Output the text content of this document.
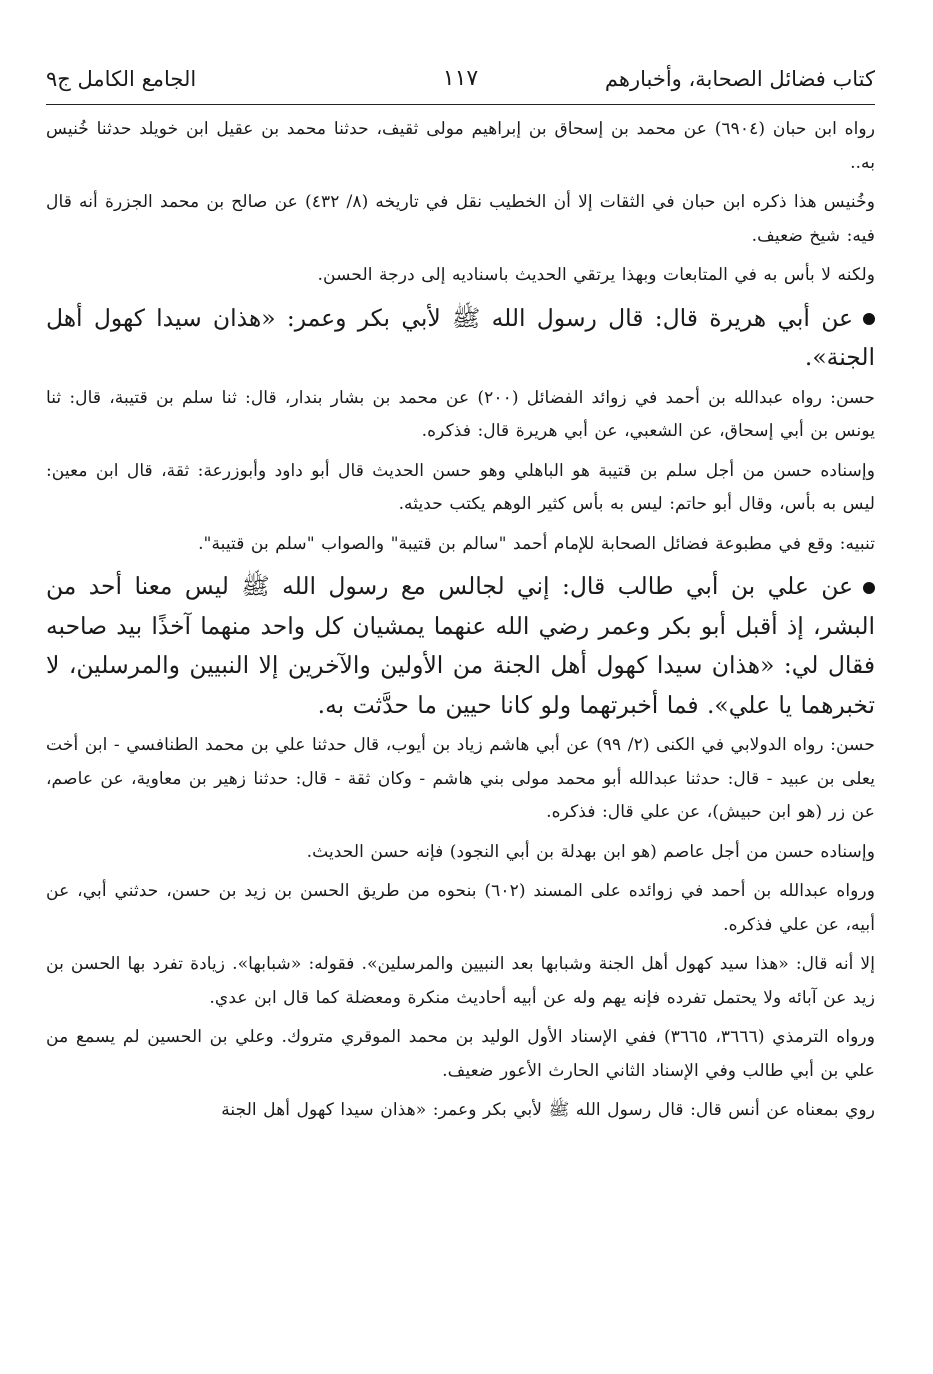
كتاب فضائل الصحابة، وأخبارهم
١١٧
الجامع الكامل ج٩

رواه ابن حبان (٦٩٠٤) عن محمد بن إسحاق بن إبراهيم مولى ثقيف، حدثنا محمد بن عقيل ابن خويلد حدثنا خُنيس به..

وخُنيس هذا ذكره ابن حبان في الثقات إلا أن الخطيب نقل في تاريخه (٨/ ٤٣٢) عن صالح بن محمد الجزرة أنه قال فيه: شيخ ضعيف.

ولكنه لا بأس به في المتابعات وبهذا يرتقي الحديث باسناديه إلى درجة الحسن.

عن أبي هريرة قال: قال رسول الله ﷺ لأبي بكر وعمر: «هذان سيدا كهول أهل الجنة».

حسن: رواه عبدالله بن أحمد في زوائد الفضائل (٢٠٠) عن محمد بن بشار بندار، قال: ثنا سلم بن قتيبة، قال: ثنا يونس بن أبي إسحاق، عن الشعبي، عن أبي هريرة قال: فذكره.

وإسناده حسن من أجل سلم بن قتيبة هو الباهلي وهو حسن الحديث قال أبو داود وأبوزرعة: ثقة، قال ابن معين: ليس به بأس، وقال أبو حاتم: ليس به بأس كثير الوهم يكتب حديثه.

تنبيه: وقع في مطبوعة فضائل الصحابة للإمام أحمد "سالم بن قتيبة" والصواب "سلم بن قتيبة".

عن علي بن أبي طالب قال: إني لجالس مع رسول الله ﷺ ليس معنا أحد من البشر، إذ أقبل أبو بكر وعمر رضي الله عنهما يمشيان كل واحد منهما آخذًا بيد صاحبه فقال لي: «هذان سيدا كهول أهل الجنة من الأولين والآخرين إلا النبيين والمرسلين، لا تخبرهما يا علي». فما أخبرتهما ولو كانا حيين ما حدَّثت به.

حسن: رواه الدولابي في الكنى (٢/ ٩٩) عن أبي هاشم زياد بن أيوب، قال حدثنا علي بن محمد الطنافسي - ابن أخت يعلى بن عبيد - قال: حدثنا عبدالله أبو محمد مولى بني هاشم - وكان ثقة - قال: حدثنا زهير بن معاوية، عن عاصم، عن زر (هو ابن حبيش)، عن علي قال: فذكره.

وإسناده حسن من أجل عاصم (هو ابن بهدلة بن أبي النجود) فإنه حسن الحديث.

ورواه عبدالله بن أحمد في زوائده على المسند (٦٠٢) بنحوه من طريق الحسن بن زيد بن حسن، حدثني أبي، عن أبيه، عن علي فذكره.

إلا أنه قال: «هذا سيد كهول أهل الجنة وشبابها بعد النبيين والمرسلين». فقوله: «شبابها». زيادة تفرد بها الحسن بن زيد عن آبائه ولا يحتمل تفرده فإنه يهم وله عن أبيه أحاديث منكرة ومعضلة كما قال ابن عدي.

ورواه الترمذي (٣٦٦٦، ٣٦٦٥) ففي الإسناد الأول الوليد بن محمد الموقري متروك. وعلي بن الحسين لم يسمع من علي بن أبي طالب وفي الإسناد الثاني الحارث الأعور ضعيف.

روي بمعناه عن أنس قال: قال رسول الله ﷺ لأبي بكر وعمر: «هذان سيدا كهول أهل الجنة
